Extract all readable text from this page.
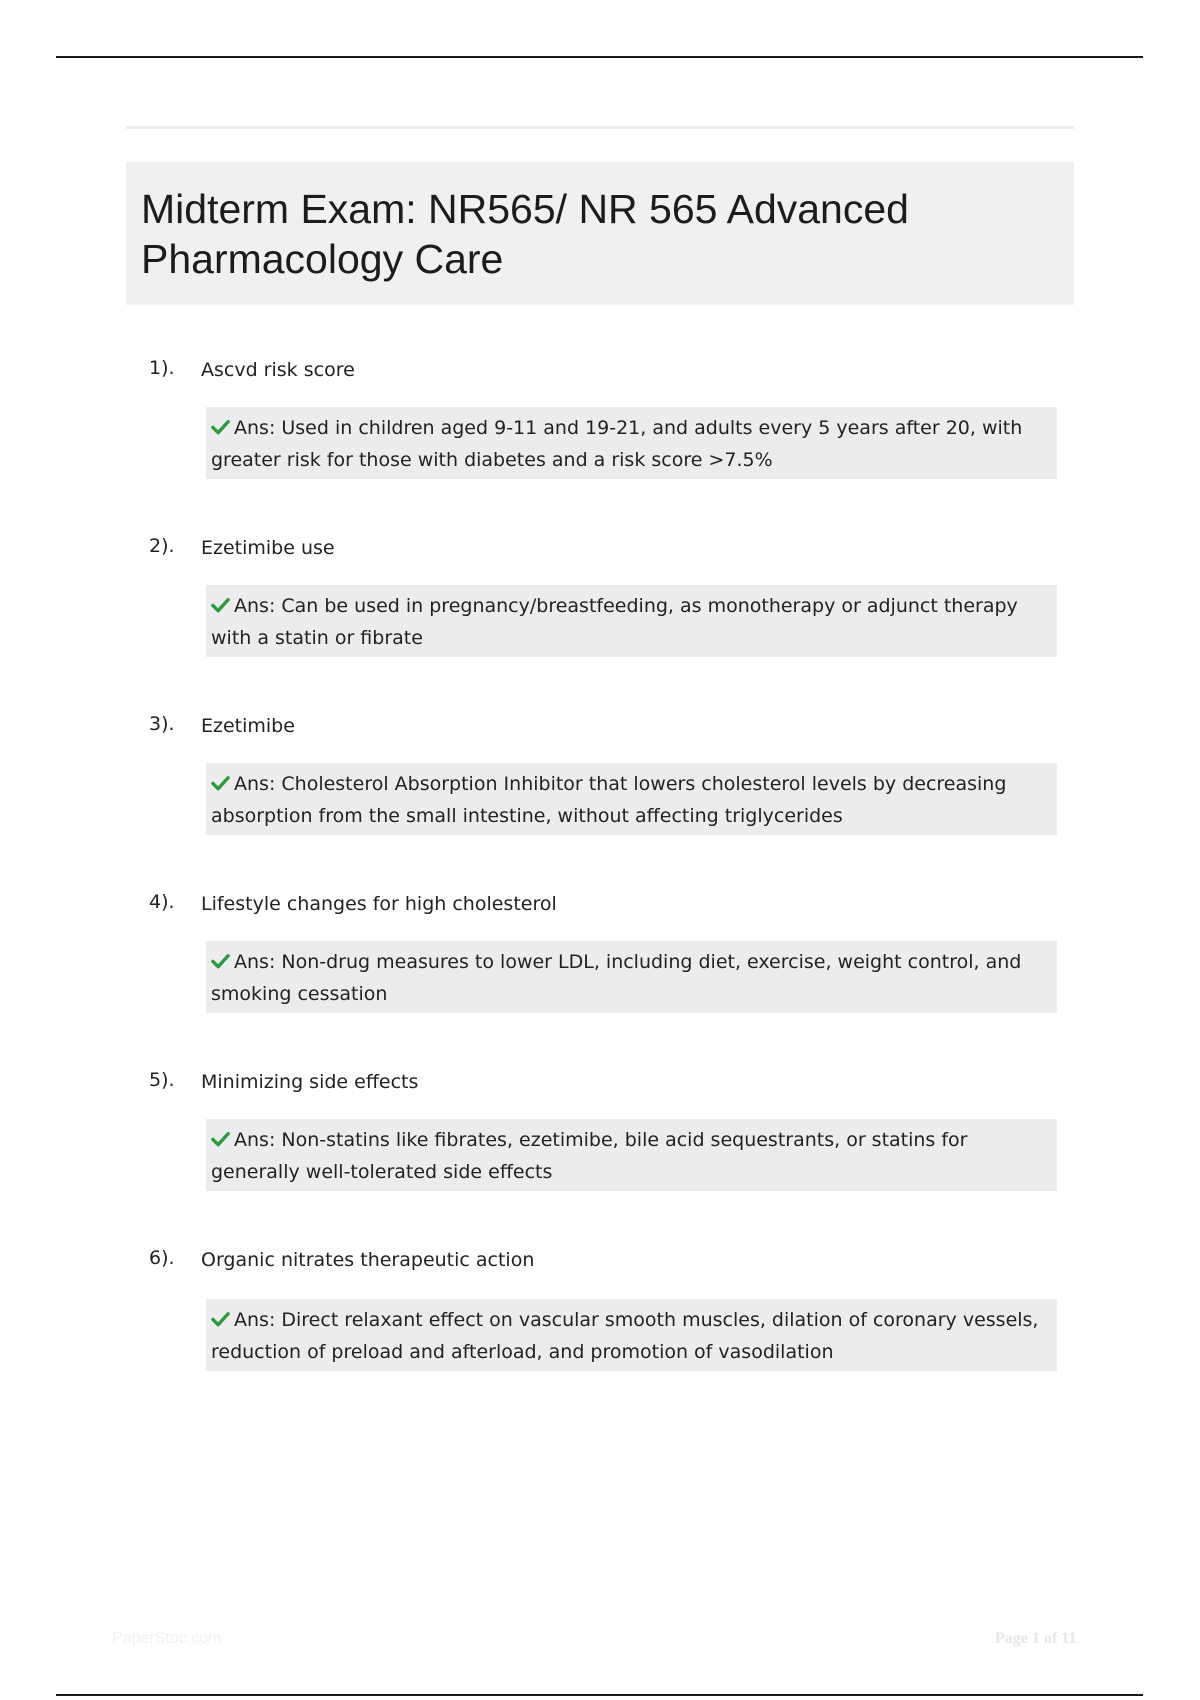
Midterm Exam: NR565/ NR 565 Advanced
Pharmacology Care
1). Ascvd risk score
Ans: Used in children aged 9-11 and 19-21, and adults every 5 years after 20, with greater risk for those with diabetes and a risk score >7.5%
2). Ezetimibe use
Ans: Can be used in pregnancy/breastfeeding, as monotherapy or adjunct therapy with a statin or fibrate
3). Ezetimibe
Ans: Cholesterol Absorption Inhibitor that lowers cholesterol levels by decreasing absorption from the small intestine, without affecting triglycerides
4). Lifestyle changes for high cholesterol
Ans: Non-drug measures to lower LDL, including diet, exercise, weight control, and smoking cessation
5). Minimizing side effects
Ans: Non-statins like fibrates, ezetimibe, bile acid sequestrants, or statins for generally well-tolerated side effects
6). Organic nitrates therapeutic action
Ans: Direct relaxant effect on vascular smooth muscles, dilation of coronary vessels, reduction of preload and afterload, and promotion of vasodilation
PaperStoc.com	Page 1 of 11
